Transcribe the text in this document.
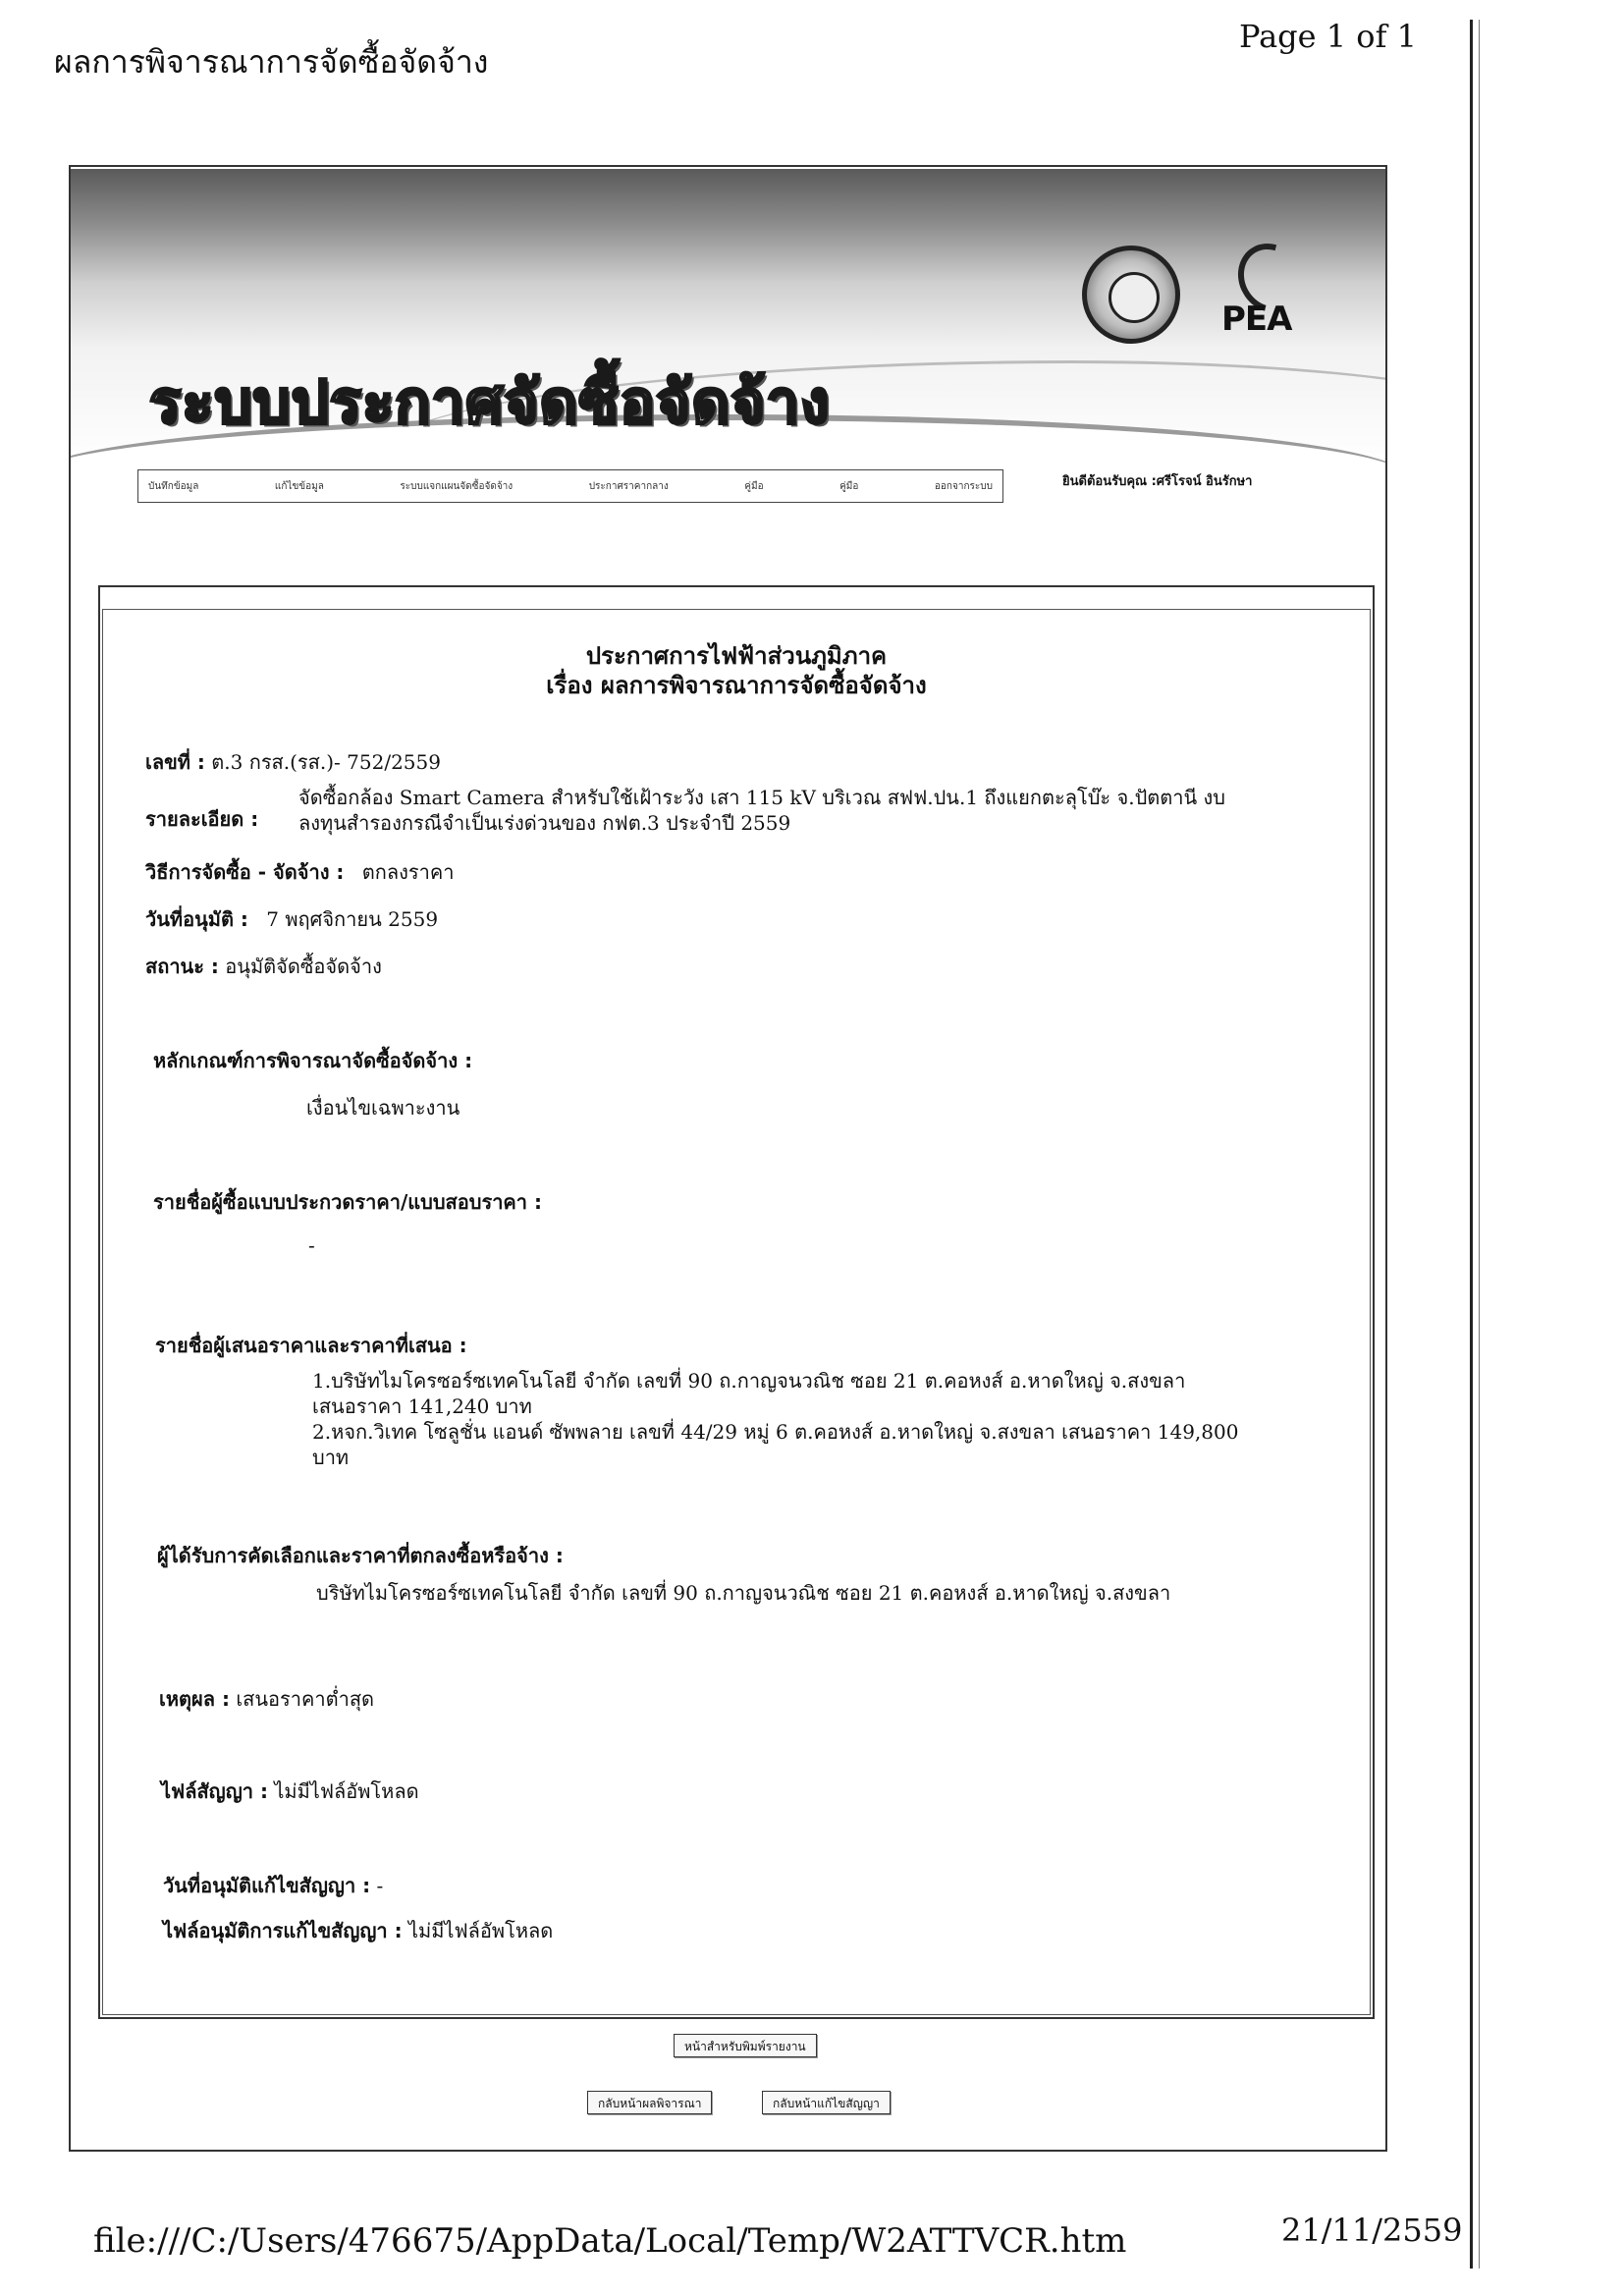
ผลการพิจารณาการจัดซื้อจัดจ้าง
Page 1 of 1
ระบบประกาศจัดซื้อจัดจ้าง
PEA
บันทึกข้อมูล	แก้ไขข้อมูล	ระบบแจกแผนจัดซื้อจัดจ้าง	ประกาศราคากลาง	คู่มือ	คู่มือ	ออกจากระบบ	ยินดีต้อนรับคุณ :ศรีโรจน์ อินรักษา
ประกาศการไฟฟ้าส่วนภูมิภาค
เรื่อง ผลการพิจารณาการจัดซื้อจัดจ้าง
เลขที่ : ต.3 กรส.(รส.)- 752/2559
รายละเอียด :
จัดซื้อกล้อง Smart Camera สำหรับใช้เฝ้าระวัง เสา 115 kV บริเวณ สฟฟ.ปน.1 ถึงแยกตะลุโบ๊ะ จ.ปัตตานี งบ
ลงทุนสำรองกรณีจำเป็นเร่งด่วนของ กฟต.3 ประจำปี 2559
วิธีการจัดซื้อ - จัดจ้าง : ตกลงราคา
วันที่อนุมัติ : 7 พฤศจิกายน 2559
สถานะ : อนุมัติจัดซื้อจัดจ้าง
หลักเกณฑ์การพิจารณาจัดซื้อจัดจ้าง :
เงื่อนไขเฉพาะงาน
รายชื่อผู้ซื้อแบบประกวดราคา/แบบสอบราคา :
-
รายชื่อผู้เสนอราคาและราคาที่เสนอ :
1.บริษัทไมโครซอร์ซเทคโนโลยี จำกัด เลขที่ 90 ถ.กาญจนวณิช ซอย 21 ต.คอหงส์ อ.หาดใหญ่ จ.สงขลา
เสนอราคา 141,240 บาท
2.หจก.วิเทค โซลูชั่น แอนด์ ซัพพลาย เลขที่ 44/29 หมู่ 6 ต.คอหงส์ อ.หาดใหญ่ จ.สงขลา เสนอราคา 149,800
บาท
ผู้ได้รับการคัดเลือกและราคาที่ตกลงซื้อหรือจ้าง :
บริษัทไมโครซอร์ซเทคโนโลยี จำกัด เลขที่ 90 ถ.กาญจนวณิช ซอย 21 ต.คอหงส์ อ.หาดใหญ่ จ.สงขลา
เหตุผล : เสนอราคาต่ำสุด
ไฟล์สัญญา : ไม่มีไฟล์อัพโหลด
วันที่อนุมัติแก้ไขสัญญา : -
ไฟล์อนุมัติการแก้ไขสัญญา : ไม่มีไฟล์อัพโหลด
หน้าสำหรับพิมพ์รายงาน
กลับหน้าผลพิจารณา	กลับหน้าแก้ไขสัญญา
file:///C:/Users/476675/AppData/Local/Temp/W2ATTVCR.htm	21/11/2559
